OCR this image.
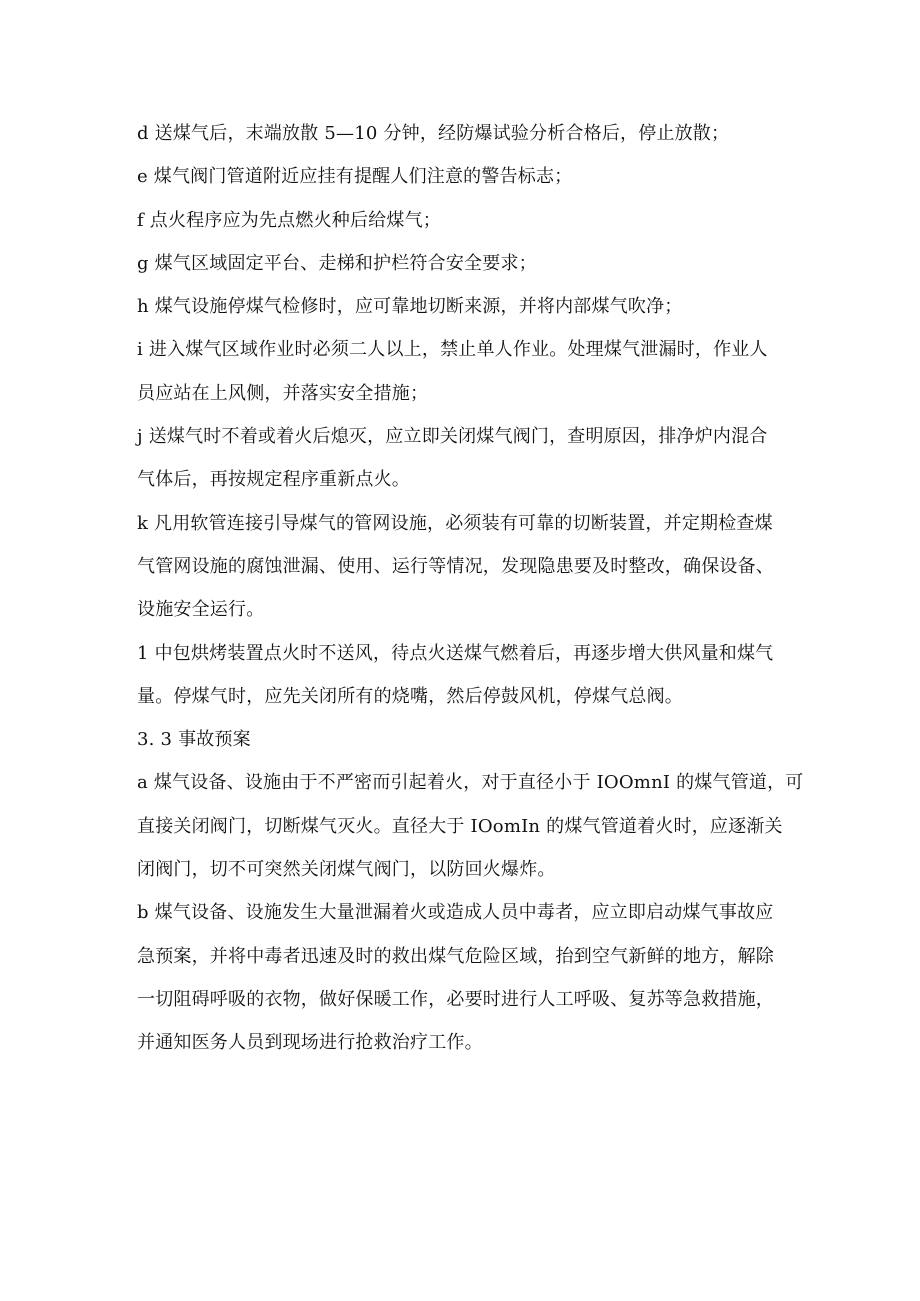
d 送煤气后，末端放散 5—10 分钟，经防爆试验分析合格后，停止放散；
e 煤气阀门管道附近应挂有提醒人们注意的警告标志；
f 点火程序应为先点燃火种后给煤气；
g 煤气区域固定平台、走梯和护栏符合安全要求；
h 煤气设施停煤气检修时，应可靠地切断来源，并将内部煤气吹净；
i 进入煤气区域作业时必须二人以上，禁止单人作业。处理煤气泄漏时，作业人
员应站在上风侧，并落实安全措施；
j 送煤气时不着或着火后熄灭，应立即关闭煤气阀门，查明原因，排净炉内混合
气体后，再按规定程序重新点火。
k 凡用软管连接引导煤气的管网设施，必须装有可靠的切断装置，并定期检查煤
气管网设施的腐蚀泄漏、使用、运行等情况，发现隐患要及时整改，确保设备、
设施安全运行。
1 中包烘烤装置点火时不送风，待点火送煤气燃着后，再逐步增大供风量和煤气
量。停煤气时，应先关闭所有的烧嘴，然后停鼓风机，停煤气总阀。
3. 3 事故预案
a 煤气设备、设施由于不严密而引起着火，对于直径小于 IOOmnI 的煤气管道，可
直接关闭阀门，切断煤气灭火。直径大于 IOomIn 的煤气管道着火时，应逐渐关
闭阀门，切不可突然关闭煤气阀门，以防回火爆炸。
b 煤气设备、设施发生大量泄漏着火或造成人员中毒者，应立即启动煤气事故应
急预案，并将中毒者迅速及时的救出煤气危险区域，抬到空气新鲜的地方，解除
一切阻碍呼吸的衣物，做好保暖工作，必要时进行人工呼吸、复苏等急救措施，
并通知医务人员到现场进行抢救治疗工作。
